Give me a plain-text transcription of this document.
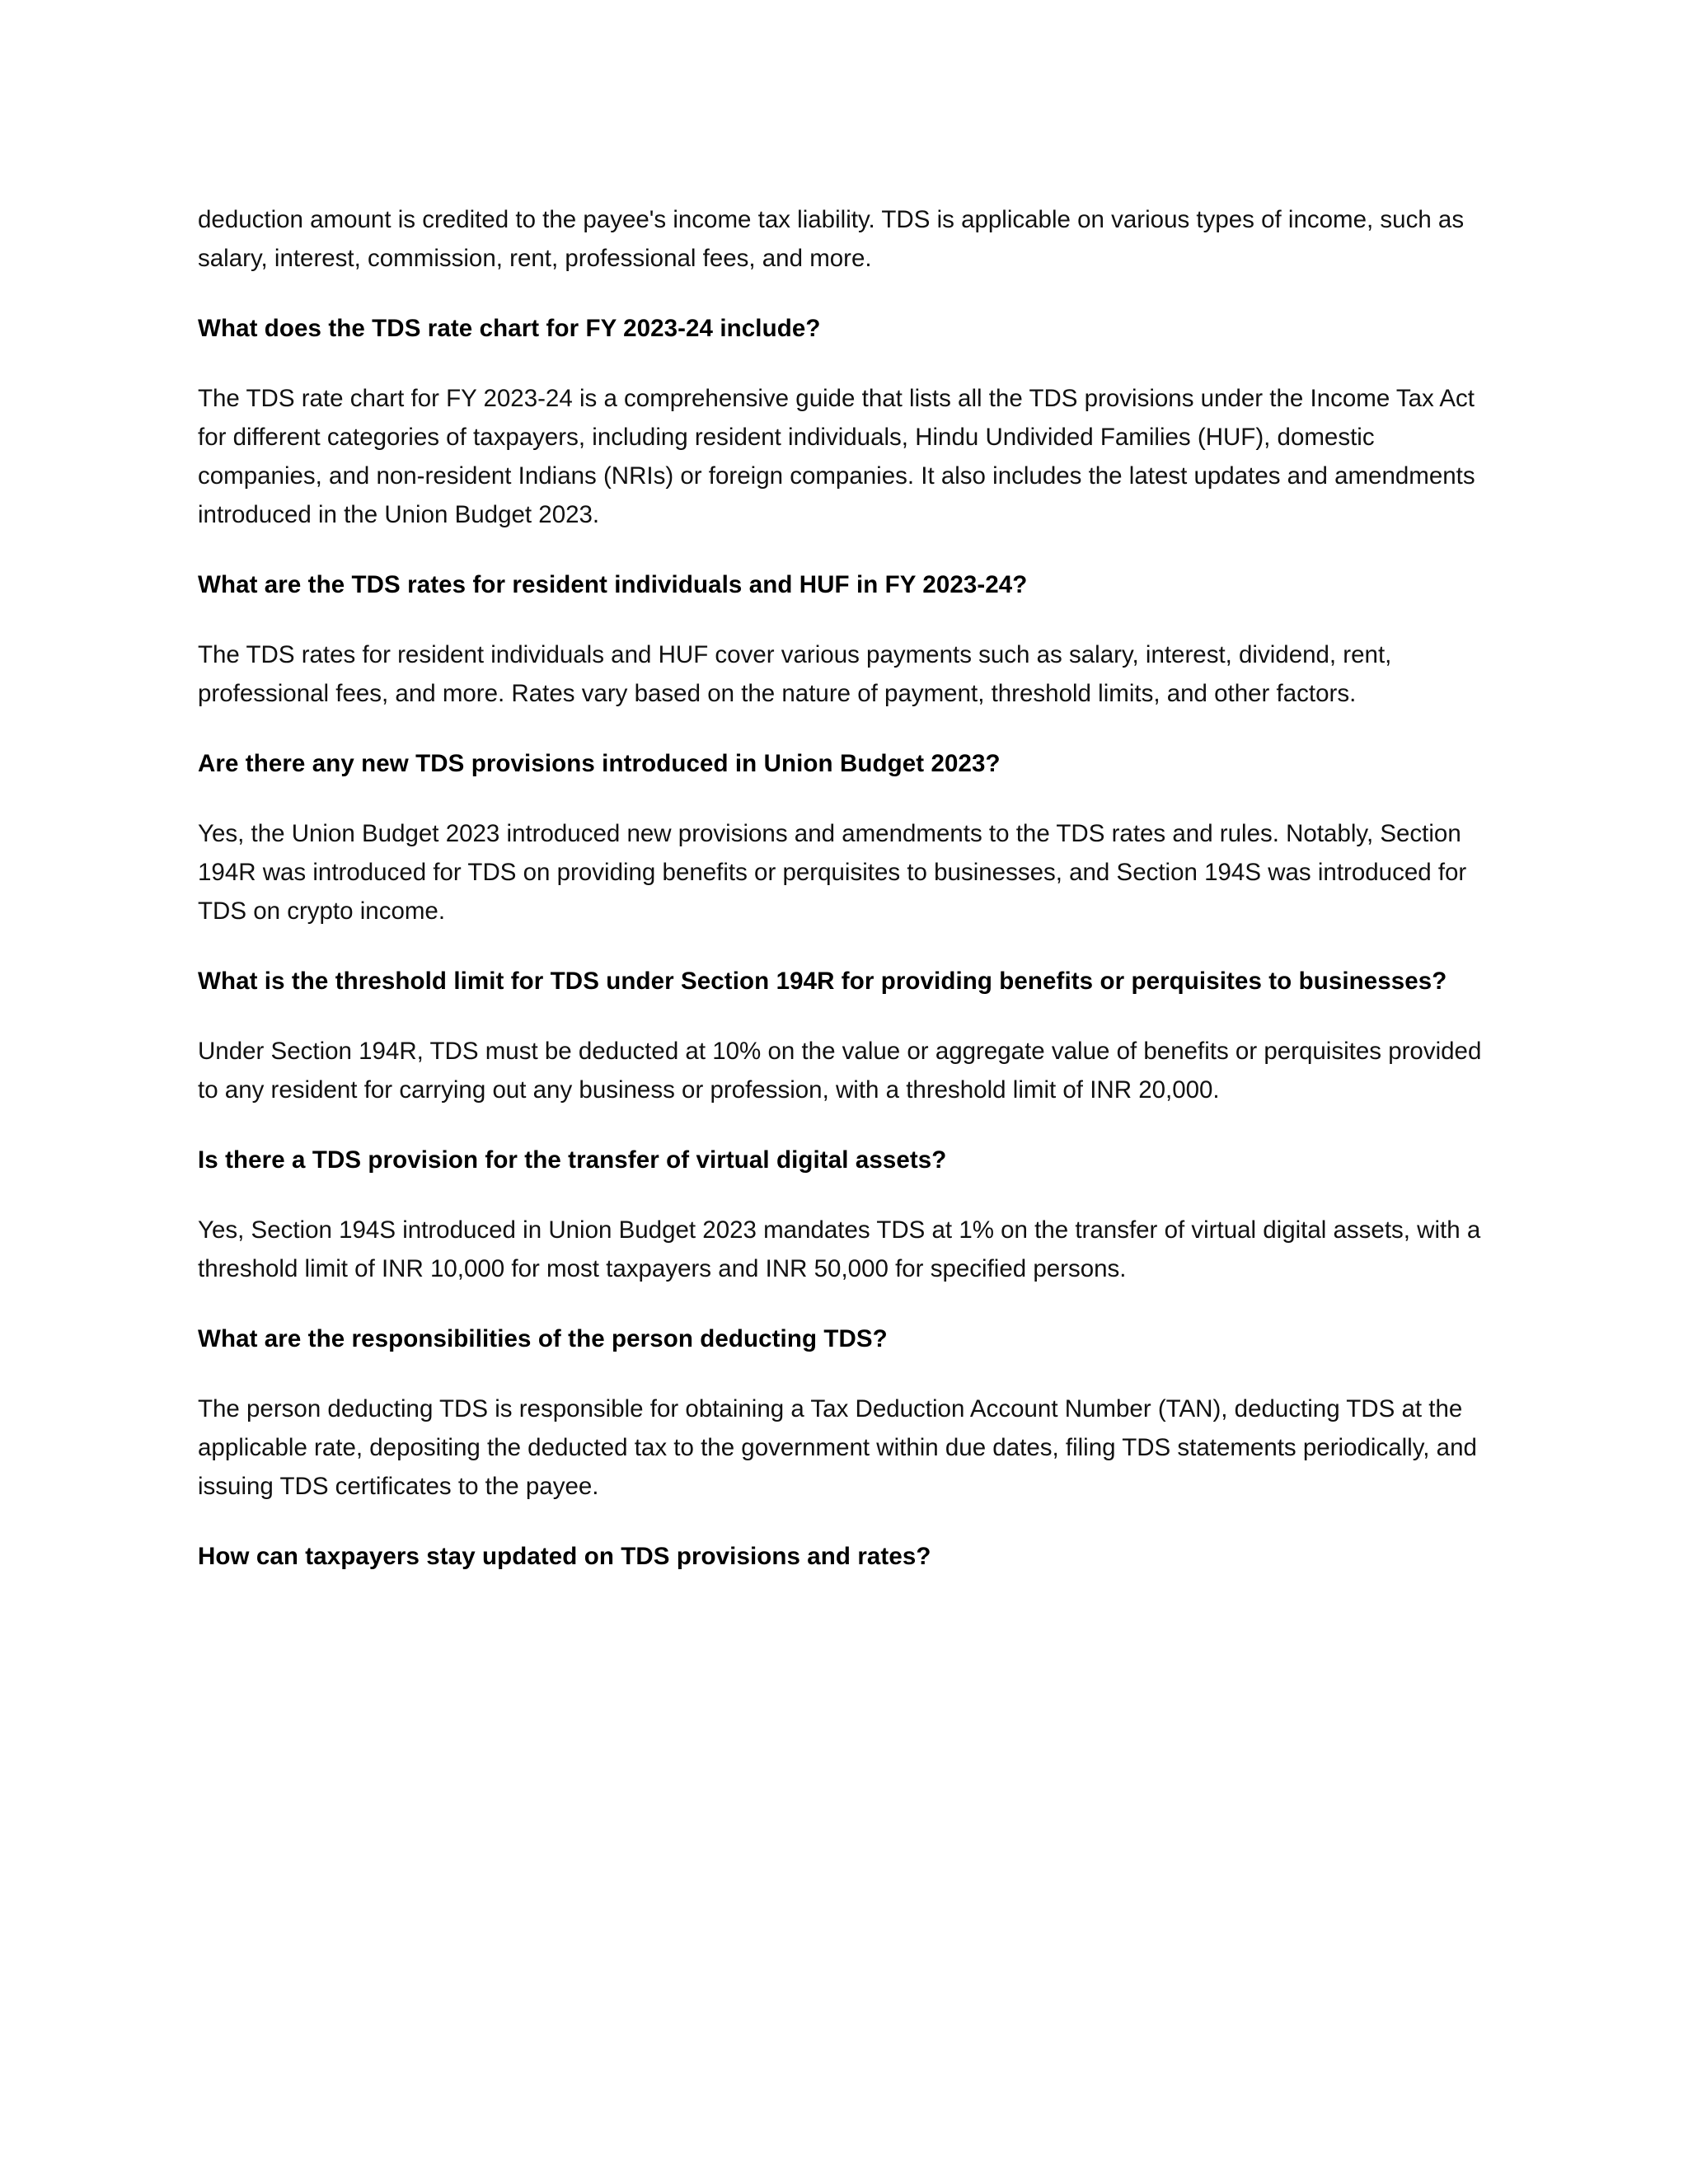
deduction amount is credited to the payee's income tax liability. TDS is applicable on various types of income, such as salary, interest, commission, rent, professional fees, and more.

What does the TDS rate chart for FY 2023-24 include?

The TDS rate chart for FY 2023-24 is a comprehensive guide that lists all the TDS provisions under the Income Tax Act for different categories of taxpayers, including resident individuals, Hindu Undivided Families (HUF), domestic companies, and non-resident Indians (NRIs) or foreign companies. It also includes the latest updates and amendments introduced in the Union Budget 2023.

What are the TDS rates for resident individuals and HUF in FY 2023-24?

The TDS rates for resident individuals and HUF cover various payments such as salary, interest, dividend, rent, professional fees, and more. Rates vary based on the nature of payment, threshold limits, and other factors.

Are there any new TDS provisions introduced in Union Budget 2023?

Yes, the Union Budget 2023 introduced new provisions and amendments to the TDS rates and rules. Notably, Section 194R was introduced for TDS on providing benefits or perquisites to businesses, and Section 194S was introduced for TDS on crypto income.

What is the threshold limit for TDS under Section 194R for providing benefits or perquisites to businesses?

Under Section 194R, TDS must be deducted at 10% on the value or aggregate value of benefits or perquisites provided to any resident for carrying out any business or profession, with a threshold limit of INR 20,000.

Is there a TDS provision for the transfer of virtual digital assets?

Yes, Section 194S introduced in Union Budget 2023 mandates TDS at 1% on the transfer of virtual digital assets, with a threshold limit of INR 10,000 for most taxpayers and INR 50,000 for specified persons.

What are the responsibilities of the person deducting TDS?

The person deducting TDS is responsible for obtaining a Tax Deduction Account Number (TAN), deducting TDS at the applicable rate, depositing the deducted tax to the government within due dates, filing TDS statements periodically, and issuing TDS certificates to the payee.

How can taxpayers stay updated on TDS provisions and rates?
